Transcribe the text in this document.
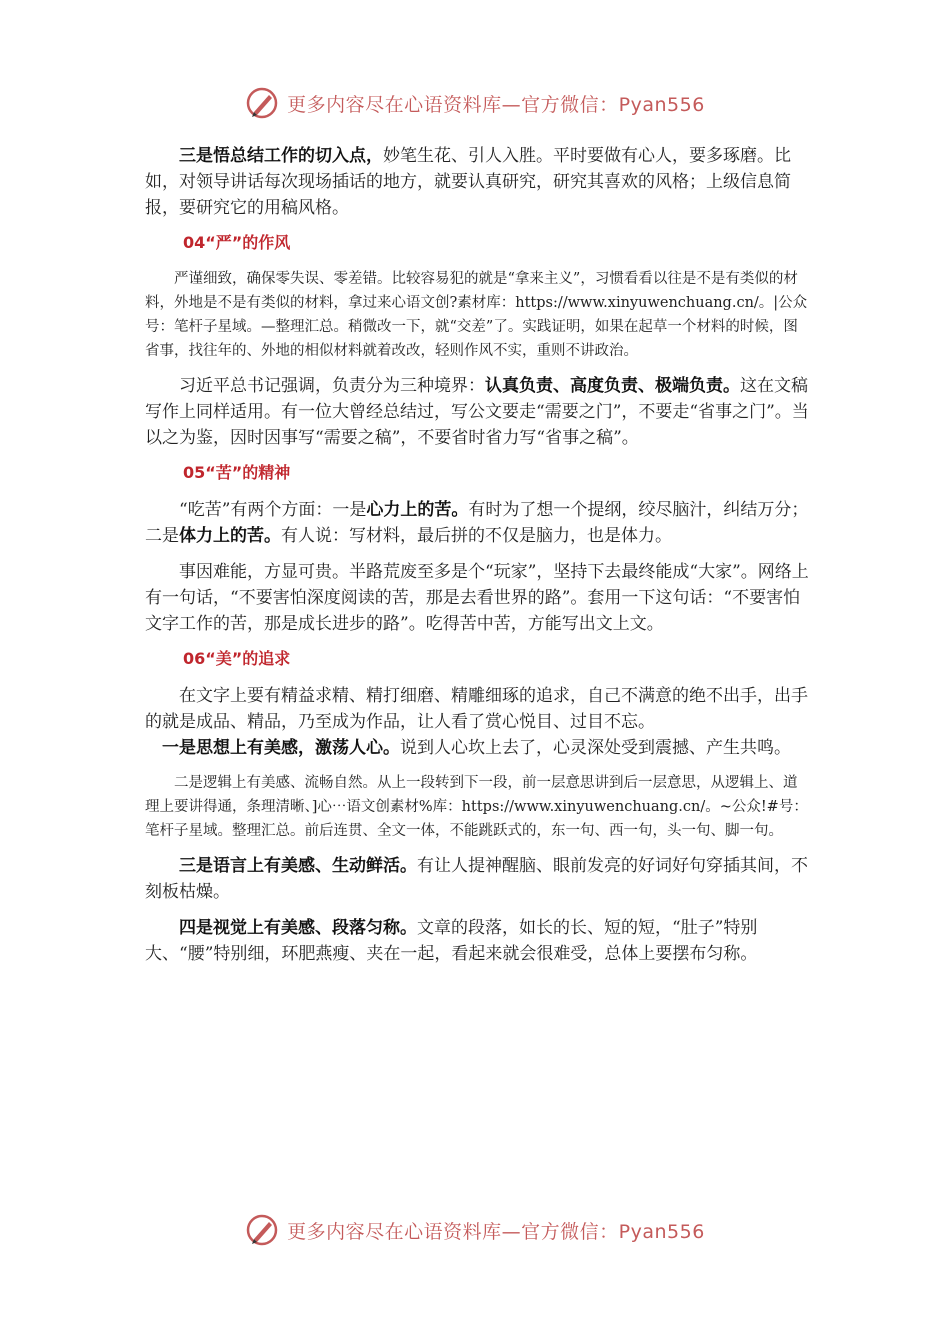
更多内容尽在心语资料库—官方微信：Pyan556

三是悟总结工作的切入点，妙笔生花、引人入胜。平时要做有心人，要多琢磨。比如，对领导讲话每次现场插话的地方，就要认真研究，研究其喜欢的风格；上级信息简报，要研究它的用稿风格。

04“严”的作风

严谨细致，确保零失误、零差错。比较容易犯的就是“拿来主义”，习惯看看以往是不是有类似的材料，外地是不是有类似的材料，拿过来心语文创?素材库：https://www.xinyuwenchuang.cn/。|公众号：笔杆子星域。—整理汇总。稍微改一下，就“交差”了。实践证明，如果在起草一个材料的时候，图省事，找往年的、外地的相似材料就着改改，轻则作风不实，重则不讲政治。

习近平总书记强调，负责分为三种境界：认真负责、高度负责、极端负责。这在文稿写作上同样适用。有一位大曾经总结过，写公文要走“需要之门”，不要走“省事之门”。当以之为鉴，因时因事写“需要之稿”，不要省时省力写“省事之稿”。

05“苦”的精神

“吃苦”有两个方面：一是心力上的苦。有时为了想一个提纲，绞尽脑汁，纠结万分；二是体力上的苦。有人说：写材料，最后拼的不仅是脑力，也是体力。

事因难能，方显可贵。半路荒废至多是个“玩家”，坚持下去最终能成“大家”。网络上有一句话，“不要害怕深度阅读的苦，那是去看世界的路”。套用一下这句话：“不要害怕文字工作的苦，那是成长进步的路”。吃得苦中苦，方能写出文上文。

06“美”的追求

在文字上要有精益求精、精打细磨、精雕细琢的追求，自己不满意的绝不出手，出手的就是成品、精品，乃至成为作品，让人看了赏心悦目、过目不忘。

一是思想上有美感，激荡人心。说到人心坎上去了，心灵深处受到震撼、产生共鸣。

二是逻辑上有美感、流畅自然。从上一段转到下一段，前一层意思讲到后一层意思，从逻辑上、道理上要讲得通，条理清晰、]心⋯语文创素材%库：https://www.xinyuwenchuang.cn/。~公众!#号：笔杆子星域。整理汇总。前后连贯、全文一体，不能跳跃式的，东一句、西一句，头一句、脚一句。

三是语言上有美感、生动鲜活。有让人提神醒脑、眼前发亮的好词好句穿插其间，不刻板枯燥。

四是视觉上有美感、段落匀称。文章的段落，如长的长、短的短，“肚子”特别大、“腰”特别细，环肥燕瘦、夹在一起，看起来就会很难受，总体上要摆布匀称。

更多内容尽在心语资料库—官方微信：Pyan556
